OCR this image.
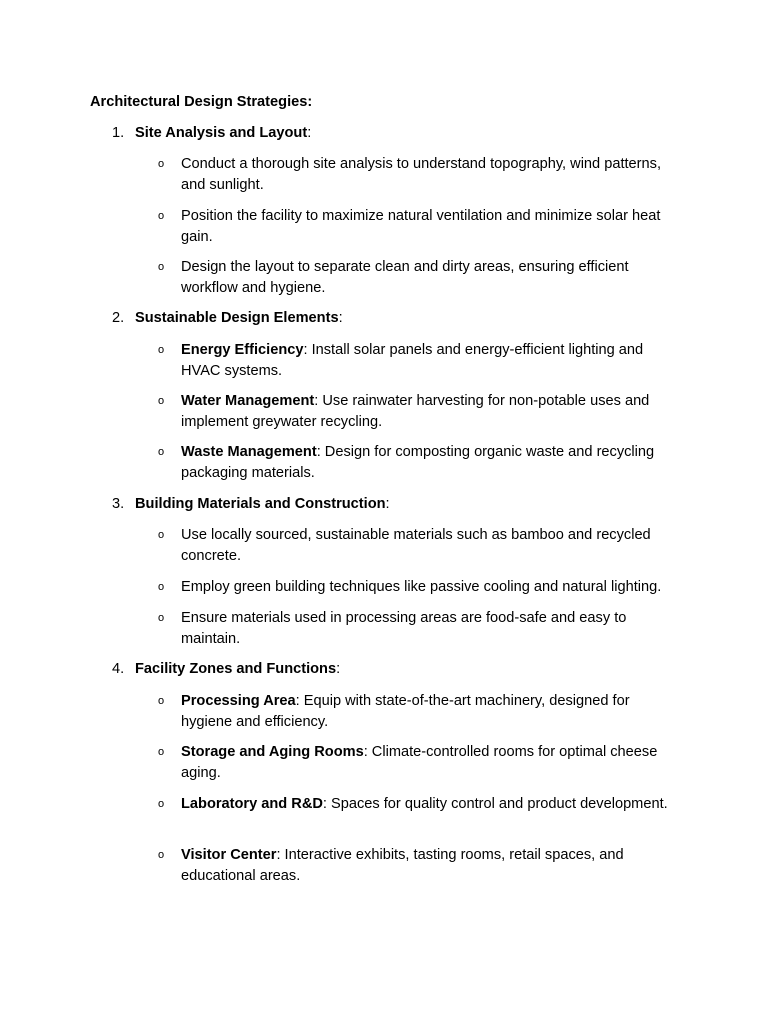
Architectural Design Strategies:
1. Site Analysis and Layout:
o Conduct a thorough site analysis to understand topography, wind patterns, and sunlight.
o Position the facility to maximize natural ventilation and minimize solar heat gain.
o Design the layout to separate clean and dirty areas, ensuring efficient workflow and hygiene.
2. Sustainable Design Elements:
o Energy Efficiency: Install solar panels and energy-efficient lighting and HVAC systems.
o Water Management: Use rainwater harvesting for non-potable uses and implement greywater recycling.
o Waste Management: Design for composting organic waste and recycling packaging materials.
3. Building Materials and Construction:
o Use locally sourced, sustainable materials such as bamboo and recycled concrete.
o Employ green building techniques like passive cooling and natural lighting.
o Ensure materials used in processing areas are food-safe and easy to maintain.
4. Facility Zones and Functions:
o Processing Area: Equip with state-of-the-art machinery, designed for hygiene and efficiency.
o Storage and Aging Rooms: Climate-controlled rooms for optimal cheese aging.
o Laboratory and R&D: Spaces for quality control and product development.
o Visitor Center: Interactive exhibits, tasting rooms, retail spaces, and educational areas.
